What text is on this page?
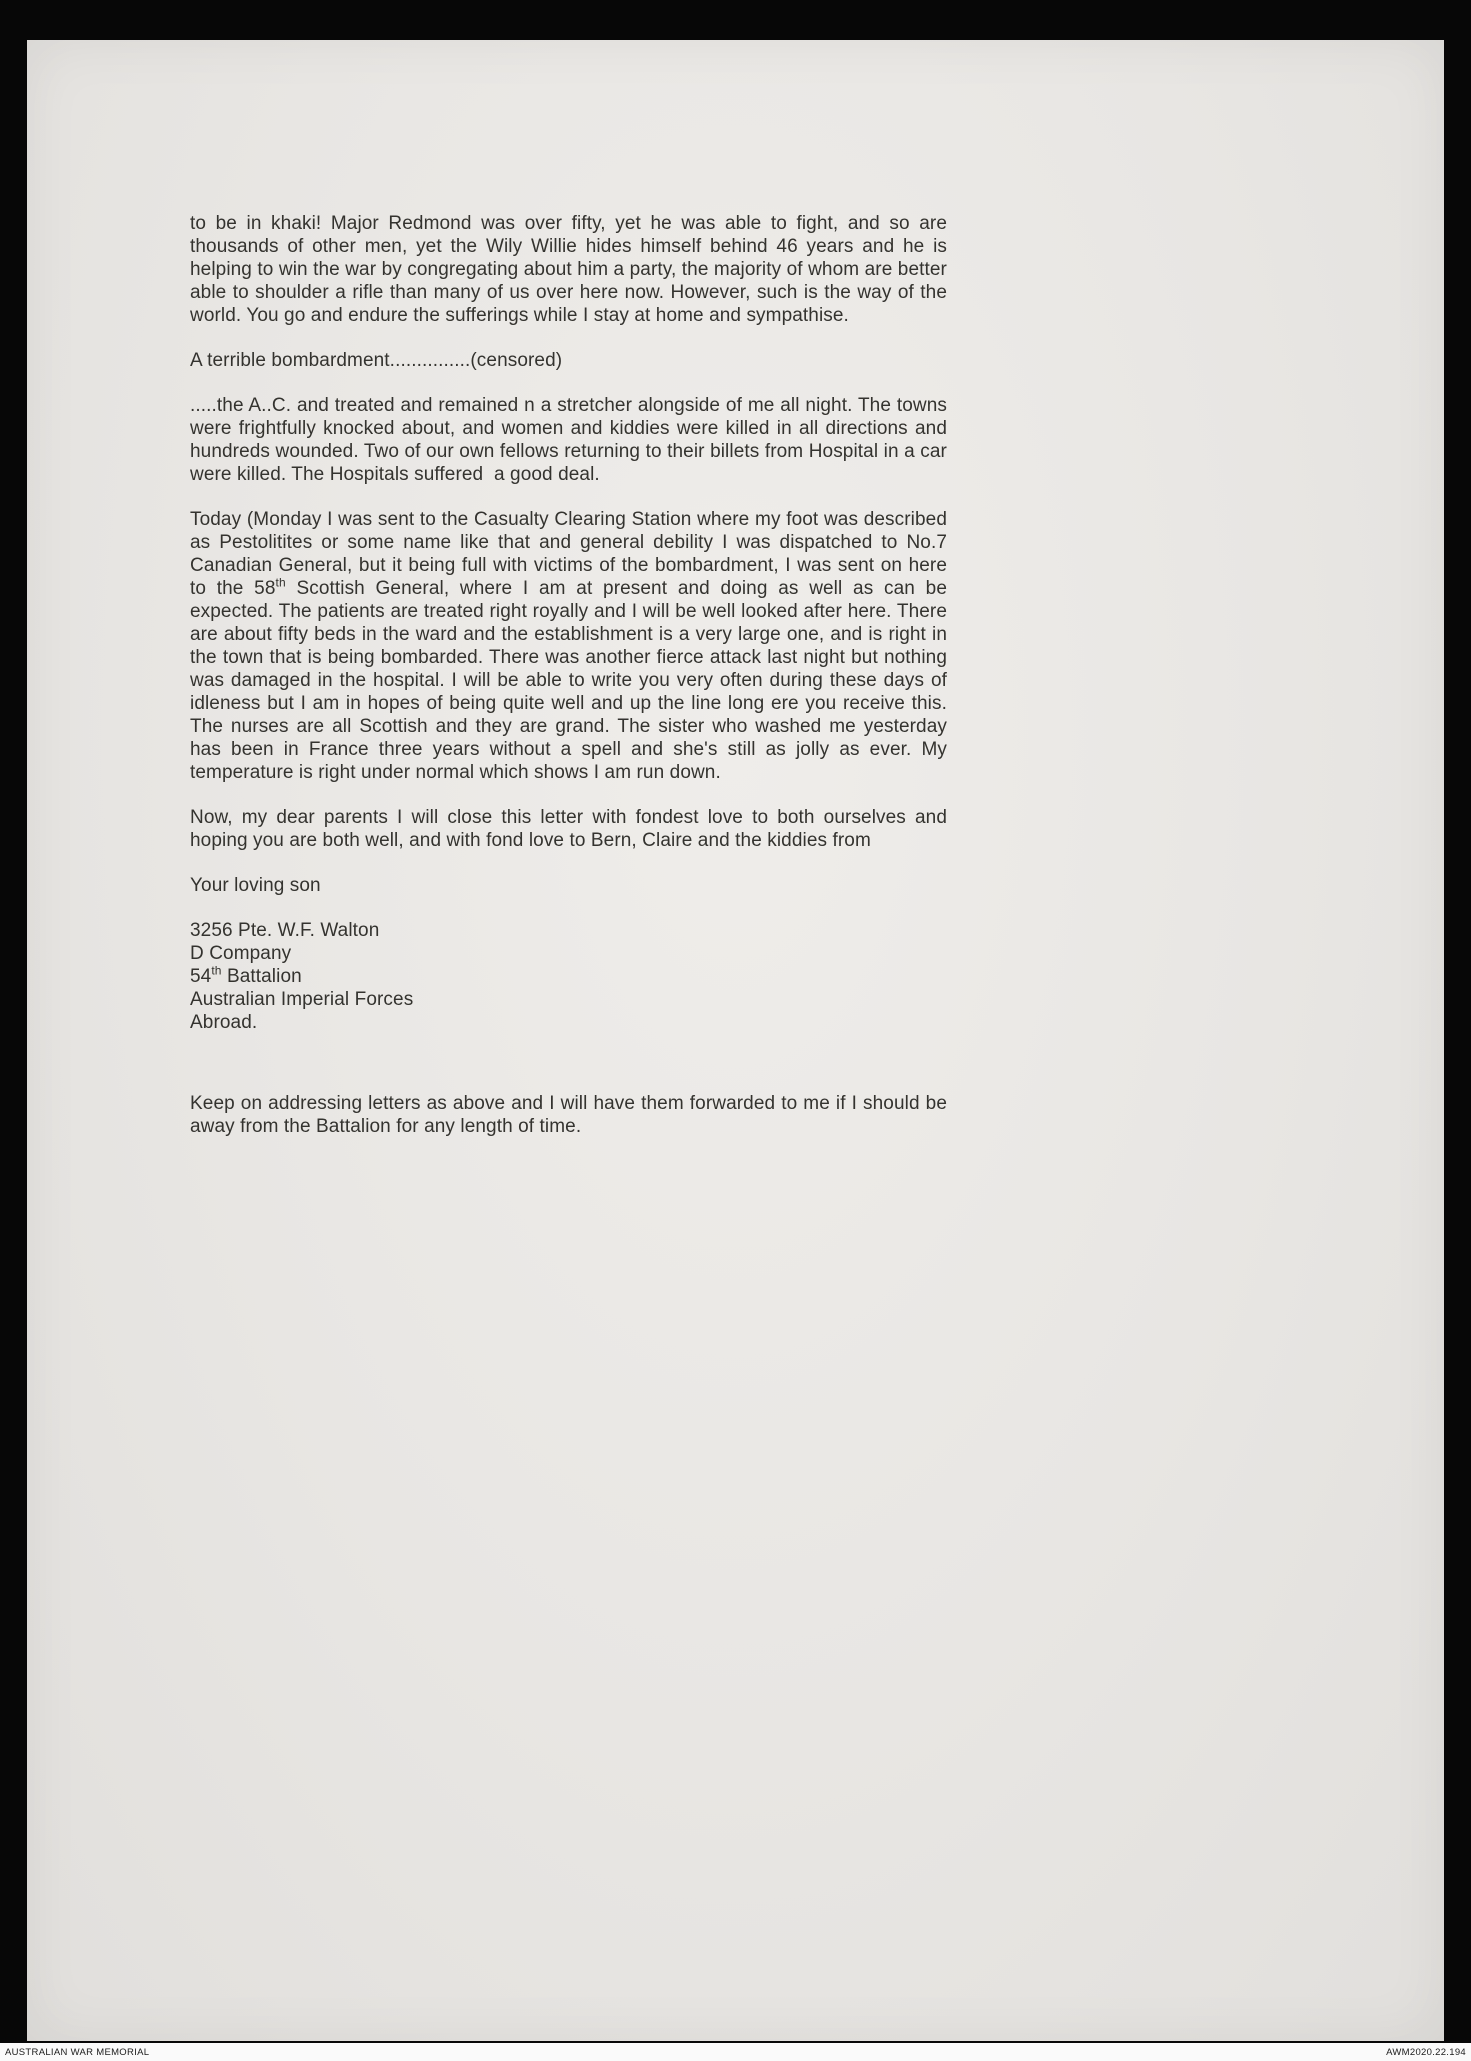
to be in khaki! Major Redmond was over fifty, yet he was able to fight, and so are thousands of other men, yet the Wily Willie hides himself behind 46 years and he is helping to win the war by congregating about him a party, the majority of whom are better able to shoulder a rifle than many of us over here now. However, such is the way of the world. You go and endure the sufferings while I stay at home and sympathise.

A terrible bombardment...............(censored)

.....the A..C. and treated and remained n a stretcher alongside of me all night. The towns were frightfully knocked about, and women and kiddies were killed in all directions and hundreds wounded. Two of our own fellows returning to their billets from Hospital in a car were killed. The Hospitals suffered  a good deal.

Today (Monday I was sent to the Casualty Clearing Station where my foot was described as Pestolitites or some name like that and general debility I was dispatched to No.7 Canadian General, but it being full with victims of the bombardment, I was sent on here to the 58th Scottish General, where I am at present and doing as well as can be expected. The patients are treated right royally and I will be well looked after here. There are about fifty beds in the ward and the establishment is a very large one, and is right in the town that is being bombarded. There was another fierce attack last night but nothing was damaged in the hospital. I will be able to write you very often during these days of idleness but I am in hopes of being quite well and up the line long ere you receive this. The nurses are all Scottish and they are grand. The sister who washed me yesterday has been in France three years without a spell and she's still as jolly as ever. My temperature is right under normal which shows I am run down.

Now, my dear parents I will close this letter with fondest love to both ourselves and hoping you are both well, and with fond love to Bern, Claire and the kiddies from

Your loving son

3256 Pte. W.F. Walton
D Company
54th Battalion
Australian Imperial Forces
Abroad.

Keep on addressing letters as above and I will have them forwarded to me if I should be away from the Battalion for any length of time.

AUSTRALIAN WAR MEMORIAL	AWM2020.22.194
